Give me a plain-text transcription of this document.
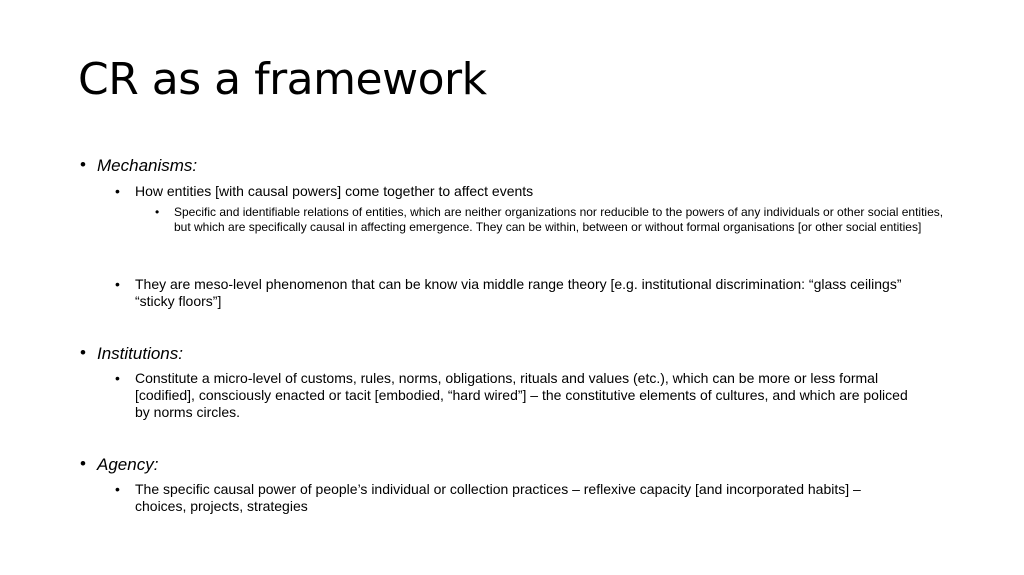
CR as a framework
• Mechanisms:
• How entities [with causal powers] come together to affect events
• Specific and identifiable relations of entities, which are neither organizations nor reducible to the powers of any individuals or other social entities, but which are specifically causal in affecting emergence. They can be within, between or without formal organisations [or other social entities]
• They are meso-level phenomenon that can be know via middle range theory [e.g. institutional discrimination: “glass ceilings” “sticky floors”]
• Institutions:
• Constitute a micro-level of customs, rules, norms, obligations, rituals and values (etc.), which can be more or less formal [codified], consciously enacted or tacit [embodied, “hard wired”] – the constitutive elements of cultures, and which are policed by norms circles.
• Agency:
• The specific causal power of people’s individual or collection practices – reflexive capacity [and incorporated habits] – choices, projects, strategies
